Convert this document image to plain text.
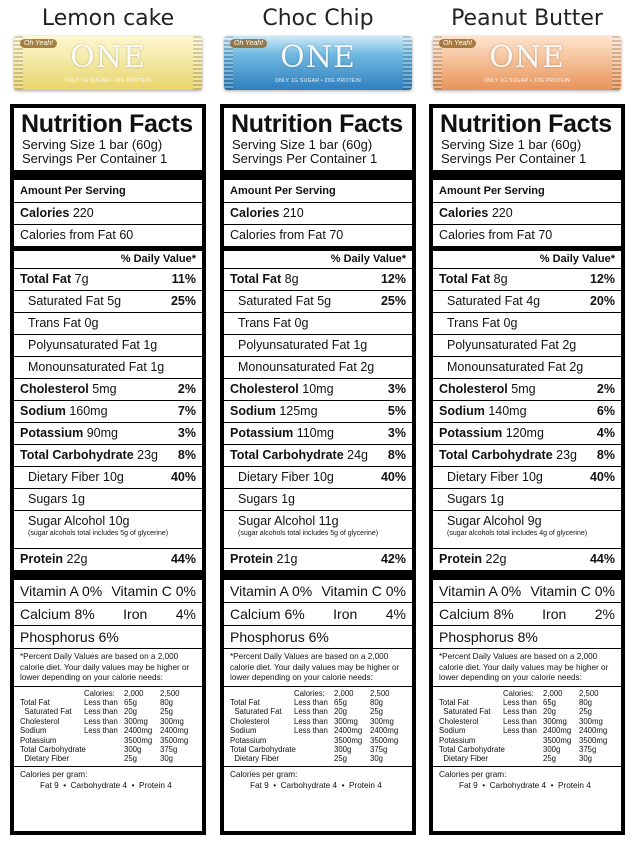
Lemon cake
Oh Yeah! ONE
ONLY 1G SUGAR • 20G PROTEIN
Nutrition Facts
Serving Size 1 bar (60g)
Servings Per Container 1
Amount Per Serving
Calories 220
Calories from Fat 60
% Daily Value*
Total Fat 7g	11%
Saturated Fat 5g	25%
Trans Fat 0g
Polyunsaturated Fat 1g
Monounsaturated Fat 1g
Cholesterol 5mg	2%
Sodium 160mg	7%
Potassium 90mg	3%
Total Carbohydrate 23g 8%
Dietary Fiber 10g	40%
Sugars 1g
Sugar Alcohol 10g
(sugar alcohols total includes 5g of glycerine)
Protein 22g	44%
Vitamin A 0% Vitamin C 0%
Calcium 8% Iron 4%
Phosphorus 6%
*Percent Daily Values are based on a 2,000 calorie diet. Your daily values may be higher or lower depending on your calorie needs:
Calories:	2,000	2,500
Total Fat	Less than 65g	80g
Saturated Fat	Less than 20g	25g
Cholesterol	Less than 300mg	300mg
Sodium	Less than 2400mg	2400mg
Potassium	3500mg	3500mg
Total Carbohydrate	300g	375g
Dietary Fiber	25g	30g
Calories per gram:
Fat 9  •  Carbohydrate 4  •  Protein 4
Choc Chip
Oh Yeah! ONE
ONLY 1G SUGAR • 20G PROTEIN
Nutrition Facts
Serving Size 1 bar (60g)
Servings Per Container 1
Amount Per Serving
Calories 210
Calories from Fat 70
% Daily Value*
Total Fat 8g	12%
Saturated Fat 5g	25%
Trans Fat 0g
Polyunsaturated Fat 1g
Monounsaturated Fat 2g
Cholesterol 10mg	3%
Sodium 125mg	5%
Potassium 110mg	3%
Total Carbohydrate 24g 8%
Dietary Fiber 10g	40%
Sugars 1g
Sugar Alcohol 11g
(sugar alcohols total includes 5g of glycerine)
Protein 21g	42%
Vitamin A 0% Vitamin C 0%
Calcium 6% Iron 4%
Phosphorus 6%
*Percent Daily Values are based on a 2,000 calorie diet. Your daily values may be higher or lower depending on your calorie needs:
Calories:	2,000	2,500
Total Fat	Less than 65g	80g
Saturated Fat	Less than 20g	25g
Cholesterol	Less than 300mg	300mg
Sodium	Less than 2400mg	2400mg
Potassium	3500mg	3500mg
Total Carbohydrate	300g	375g
Dietary Fiber	25g	30g
Calories per gram:
Fat 9  •  Carbohydrate 4  •  Protein 4
Peanut Butter
Oh Yeah! ONE
ONLY 1G SUGAR • 20G PROTEIN
Nutrition Facts
Serving Size 1 bar (60g)
Servings Per Container 1
Amount Per Serving
Calories 220
Calories from Fat 70
% Daily Value*
Total Fat 8g	12%
Saturated Fat 4g	20%
Trans Fat 0g
Polyunsaturated Fat 2g
Monounsaturated Fat 2g
Cholesterol 5mg	2%
Sodium 140mg	6%
Potassium 120mg	4%
Total Carbohydrate 23g 8%
Dietary Fiber 10g	40%
Sugars 1g
Sugar Alcohol 9g
(sugar alcohols total includes 4g of glycerine)
Protein 22g	44%
Vitamin A 0% Vitamin C 0%
Calcium 8% Iron 2%
Phosphorus 8%
*Percent Daily Values are based on a 2,000 calorie diet. Your daily values may be higher or lower depending on your calorie needs:
Calories:	2,000	2,500
Total Fat	Less than 65g	80g
Saturated Fat	Less than 20g	25g
Cholesterol	Less than 300mg	300mg
Sodium	Less than 2400mg	2400mg
Potassium	3500mg	3500mg
Total Carbohydrate	300g	375g
Dietary Fiber	25g	30g
Calories per gram:
Fat 9  •  Carbohydrate 4  •  Protein 4
